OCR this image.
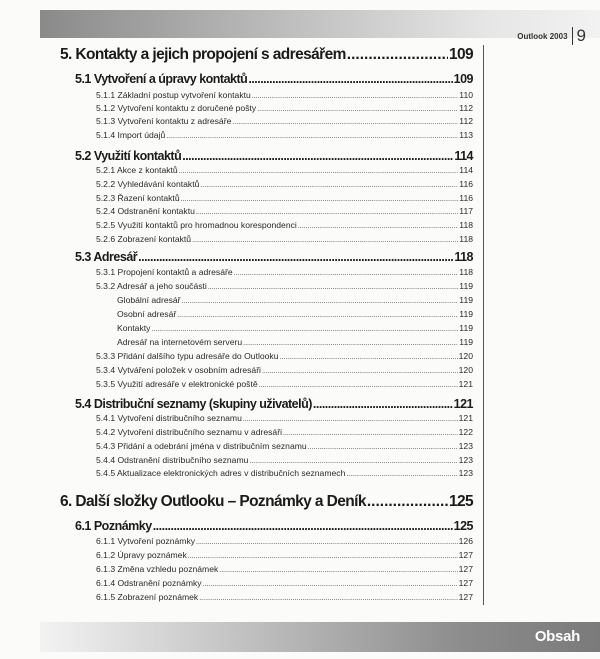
Outlook 2003 9
5. Kontakty a jejich propojení s adresářem .....	109
5.1 Vytvoření a úpravy kontaktů .....	109
5.1.1 Základní postup vytvoření kontaktu .....	110
5.1.2 Vytvoření kontaktu z doručené pošty .....	112
5.1.3 Vytvoření kontaktu z adresáře .....	112
5.1.4 Import údajů .....	113
5.2 Využití kontaktů .....	114
5.2.1 Akce z kontaktů .....	114
5.2.2 Vyhledávání kontaktů .....	116
5.2.3 Řazení kontaktů .....	116
5.2.4 Odstranění kontaktu .....	117
5.2.5 Využití kontaktů pro hromadnou korespondenci .....	118
5.2.6 Zobrazení kontaktů .....	118
5.3 Adresář .....	118
5.3.1 Propojení kontaktů a adresáře .....	118
5.3.2 Adresář a jeho součásti .....	119
Globální adresář .....	119
Osobní adresář .....	119
Kontakty .....	119
Adresář na internetovém serveru .....	119
5.3.3 Přidání dalšího typu adresáře do Outlooku .....	120
5.3.4 Vytváření položek v osobním adresáři .....	120
5.3.5 Využití adresáře v elektronické poště .....	121
5.4 Distribuční seznamy (skupiny uživatelů) .....	121
5.4.1 Vytvoření distribučního seznamu .....	121
5.4.2 Vytvoření distribučního seznamu v adresáři .....	122
5.4.3 Přidání a odebrání jména v distribučním seznamu .....	123
5.4.4 Odstranění distribučního seznamu .....	123
5.4.5 Aktualizace elektronických adres v distribučních seznamech .....	123
6. Další složky Outlooku – Poznámky a Deník .....	125
6.1 Poznámky .....	125
6.1.1 Vytvoření poznámky .....	126
6.1.2 Úpravy poznámek .....	127
6.1.3 Změna vzhledu poznámek .....	127
6.1.4 Odstranění poznámky .....	127
6.1.5 Zobrazení poznámek .....	127
Obsah
